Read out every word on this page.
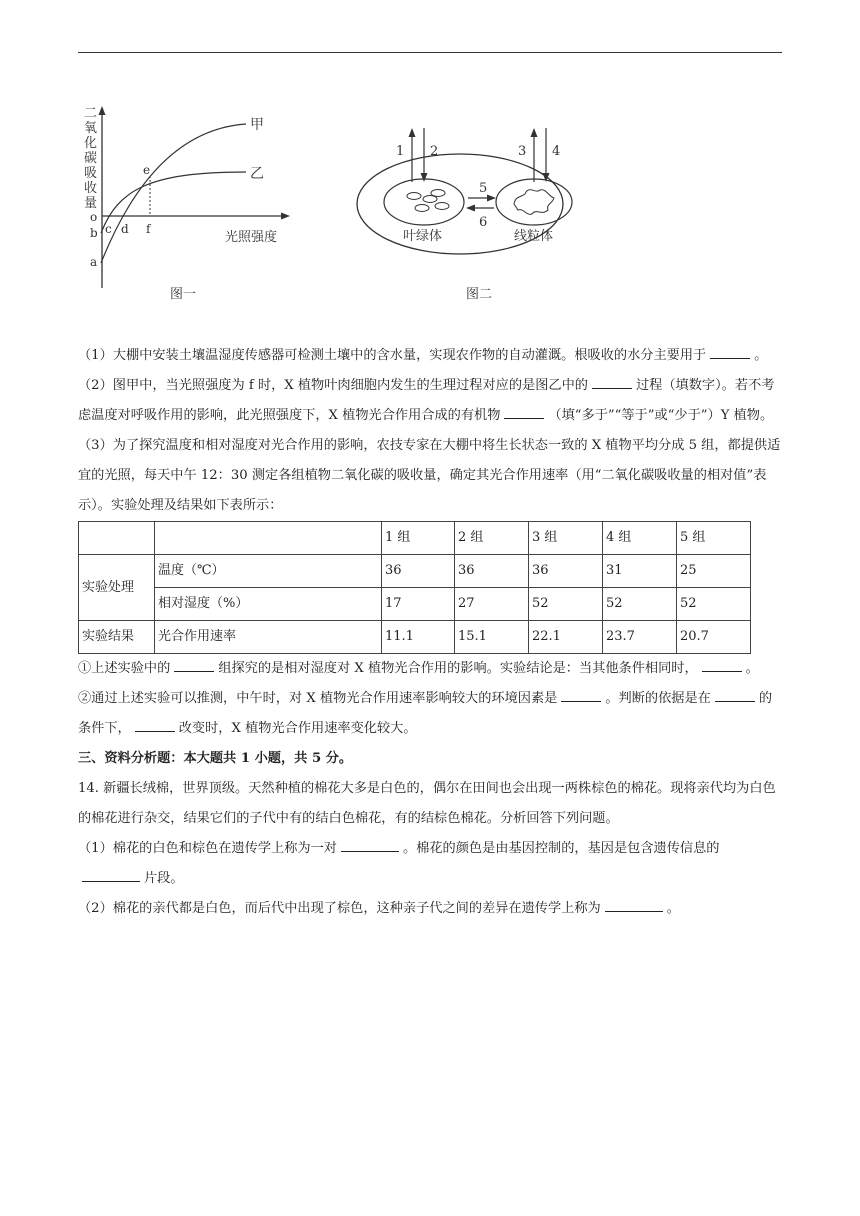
二
氧
化
碳
吸
收
量
甲
乙
o
b
a
c d
e
f
光照强度
图一
1 2	3 4
5
6
叶绿体	线粒体
图二

（1）大棚中安装土壤温湿度传感器可检测土壤中的含水量，实现农作物的自动灌溉。根吸收的水分主要用于	。

（2）图甲中，当光照强度为 f 时，X 植物叶肉细胞内发生的生理过程对应的是图乙中的	过程（填数字）。若不考虑温度对呼吸作用的影响，此光照强度下，X 植物光合作用合成的有机物	（填“多于”“等于”或“少于”）Y 植物。

（3）为了探究温度和相对湿度对光合作用的影响，农技专家在大棚中将生长状态一致的 X 植物平均分成 5 组，都提供适宜的光照，每天中午 12：30 测定各组植物二氧化碳的吸收量，确定其光合作用速率（用“二氧化碳吸收量的相对值”表示）。实验处理及结果如下表所示：

		1 组	2 组	3 组	4 组	5 组
实验处理	温度（℃）	36	36	36	31	25
	相对湿度（%）	17	27	52	52	52
实验结果	光合作用速率	11.1	15.1	22.1	23.7	20.7

①上述实验中的	组探究的是相对湿度对 X 植物光合作用的影响。实验结论是：当其他条件相同时，	。

②通过上述实验可以推测，中午时，对 X 植物光合作用速率影响较大的环境因素是	。判断的依据是在	的条件下，	改变时，X 植物光合作用速率变化较大。

三、资料分析题：本大题共 1 小题，共 5 分。

14. 新疆长绒棉，世界顶级。天然种植的棉花大多是白色的，偶尔在田间也会出现一两株棕色的棉花。现将亲代均为白色的棉花进行杂交，结果它们的子代中有的结白色棉花，有的结棕色棉花。分析回答下列问题。

（1）棉花的白色和棕色在遗传学上称为一对	。棉花的颜色是由基因控制的，基因是包含遗传信息的片段。

（2）棉花的亲代都是白色，而后代中出现了棕色，这种亲子代之间的差异在遗传学上称为	。
